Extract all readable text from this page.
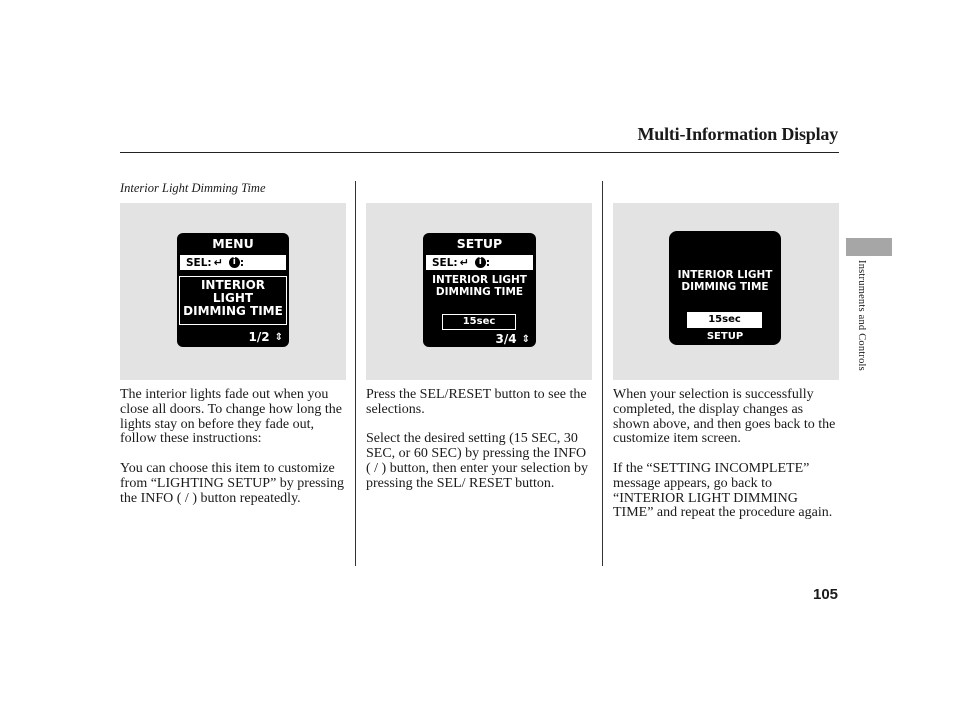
Multi-Information Display
Interior Light Dimming Time
MENU
SEL: ↵	i :
INTERIOR
LIGHT
DIMMING TIME
1/2 ⇕
SETUP
SEL: ↵	i :
INTERIOR LIGHT
DIMMING TIME
15sec
3/4 ⇕
INTERIOR LIGHT
DIMMING TIME
15sec
SETUP

The interior lights fade out when you close all doors. To change how long the lights stay on before they fade out, follow these instructions:

You can choose this item to customize from “LIGHTING SETUP” by pressing the INFO ( / ) button repeatedly.

Press the SEL/RESET button to see the selections.

Select the desired setting (15 SEC, 30 SEC, or 60 SEC) by pressing the INFO ( / ) button, then enter your selection by pressing the SEL/ RESET button.

When your selection is successfully completed, the display changes as shown above, and then goes back to the customize item screen.

If the “SETTING INCOMPLETE” message appears, go back to “INTERIOR LIGHT DIMMING TIME” and repeat the procedure again.

Instruments and Controls
105
